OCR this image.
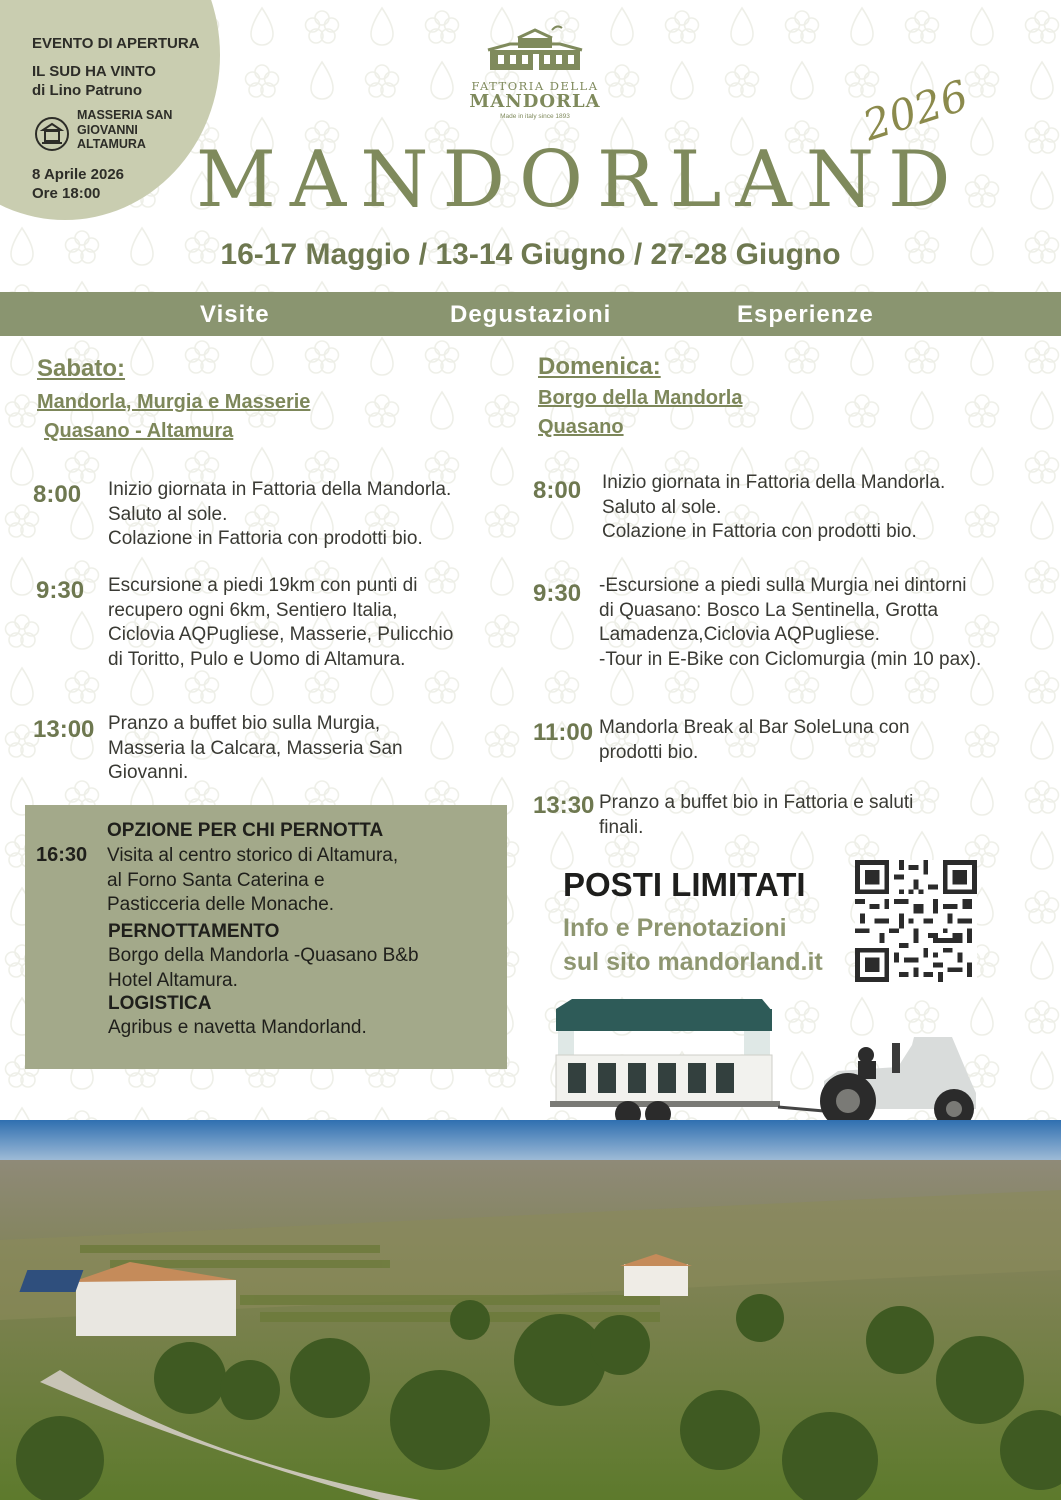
EVENTO DI APERTURA
IL SUD HA VINTO
di Lino Patruno
MASSERIA SAN
GIOVANNI
ALTAMURA
8 Aprile 2026
Ore 18:00
FATTORIA DELLA
MANDORLA
Made in italy since 1893
MANDORLAND
2026
16-17 Maggio / 13-14 Giugno / 27-28 Giugno
Visite	Degustazioni	Esperienze
Sabato:
Mandorla, Murgia e Masserie
Quasano - Altamura
8:00 Inizio giornata in Fattoria della Mandorla.
Saluto al sole.
Colazione in Fattoria con prodotti bio.
9:30 Escursione a piedi 19km con punti di
recupero ogni 6km, Sentiero Italia,
Ciclovia AQPugliese, Masserie, Pulicchio
di Toritto, Pulo e Uomo di Altamura.
13:00 Pranzo a buffet bio sulla Murgia,
Masseria la Calcara, Masseria San
Giovanni.
Domenica:
Borgo della Mandorla
Quasano
8:00 Inizio giornata in Fattoria della Mandorla.
Saluto al sole.
Colazione in Fattoria con prodotti bio.
9:30 -Escursione a piedi sulla Murgia nei dintorni
di Quasano: Bosco La Sentinella, Grotta
Lamadenza,Ciclovia AQPugliese.
-Tour in E-Bike con Ciclomurgia (min 10 pax).
11:00 Mandorla Break al Bar SoleLuna con
prodotti bio.
13:30 Pranzo a buffet bio in Fattoria e saluti
finali.
16:30
OPZIONE PER CHI PERNOTTA
Visita al centro storico di Altamura,
al Forno Santa Caterina e
Pasticceria delle Monache.
PERNOTTAMENTO
Borgo della Mandorla -Quasano B&b
Hotel Altamura.
LOGISTICA
Agribus e navetta Mandorland.
POSTI LIMITATI
Info e Prenotazioni
sul sito mandorland.it
